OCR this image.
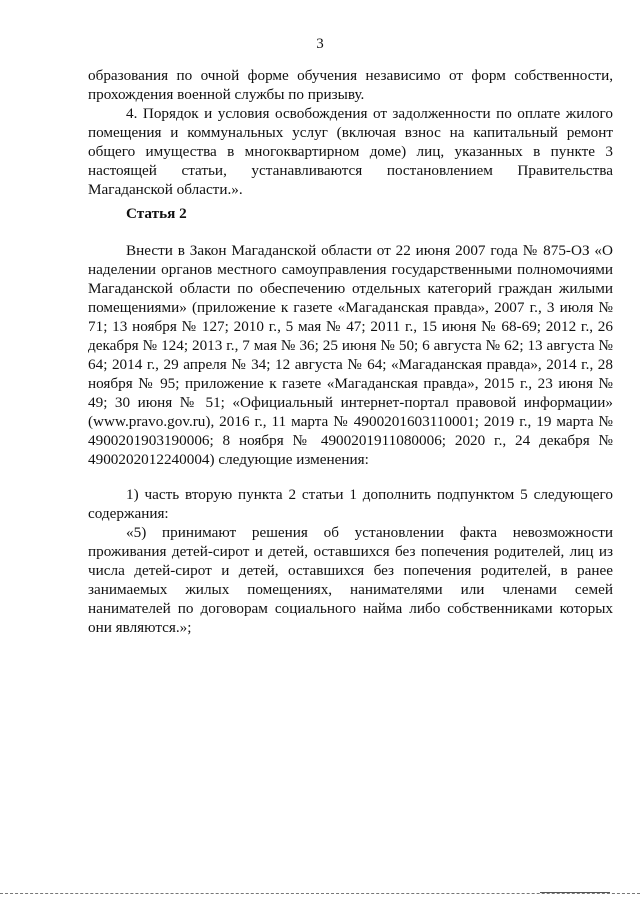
3

образования по очной форме обучения независимо от форм собственности, прохождения военной службы по призыву.

4. Порядок и условия освобождения от задолженности по оплате жилого помещения и коммунальных услуг (включая взнос на капитальный ремонт общего имущества в многоквартирном доме) лиц, указанных в пункте 3 настоящей статьи, устанавливаются постановлением Правительства Магаданской области.».

Статья 2

Внести в Закон Магаданской области от 22 июня 2007 года № 875-ОЗ «О наделении органов местного самоуправления государственными полномочиями Магаданской области по обеспечению отдельных категорий граждан жилыми помещениями» (приложение к газете «Магаданская правда», 2007 г., 3 июля № 71; 13 ноября № 127; 2010 г., 5 мая № 47; 2011 г., 15 июня № 68-69; 2012 г., 26 декабря № 124; 2013 г., 7 мая № 36; 25 июня № 50; 6 августа № 62; 13 августа № 64; 2014 г., 29 апреля № 34; 12 августа № 64; «Магаданская правда», 2014 г., 28 ноября № 95; приложение к газете «Магаданская правда», 2015 г., 23 июня № 49; 30 июня № 51; «Официальный интернет-портал правовой информации» (www.pravo.gov.ru), 2016 г., 11 марта № 4900201603110001; 2019 г., 19 марта № 4900201903190006; 8 ноября № 4900201911080006; 2020 г., 24 декабря № 4900202012240004) следующие изменения:

1) часть вторую пункта 2 статьи 1 дополнить подпунктом 5 следующего содержания:

«5) принимают решения об установлении факта невозможности проживания детей-сирот и детей, оставшихся без попечения родителей, лиц из числа детей-сирот и детей, оставшихся без попечения родителей, в ранее занимаемых жилых помещениях, нанимателями или членами семей нанимателей по договорам социального найма либо собственниками которых они являются.»;
